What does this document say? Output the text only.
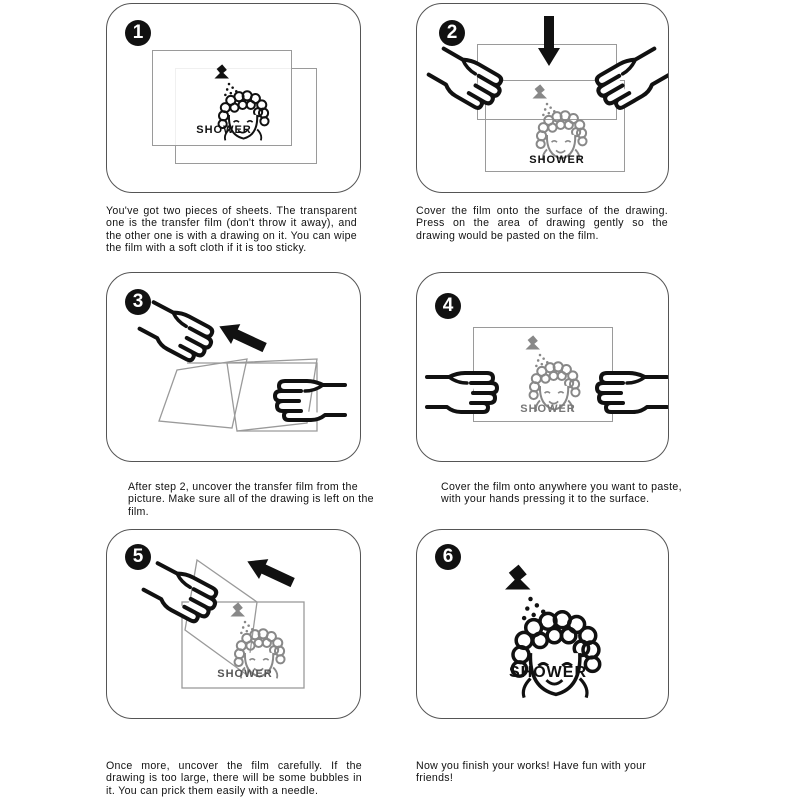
1
SHOWER

You've got two pieces of sheets. The transparent one is the transfer film (don't throw it away), and the other one is with a drawing on it. You can wipe the film with a soft cloth if it is too sticky.

2
SHOWER

Cover the film onto the surface of the drawing. Press on the area of drawing gently so the drawing would be pasted on the film.

3

After step 2, uncover the transfer film from the picture. Make sure all of the drawing is left on the film.

4
SHOWER

Cover the film onto anywhere you want to paste, with your hands pressing it to the surface.

5
SHOWER

Once more, uncover the film carefully. If the drawing is too large, there will be some bubbles in it. You can prick them easily with a needle.

6
SHOWER

Now you finish your works! Have fun with your friends!
